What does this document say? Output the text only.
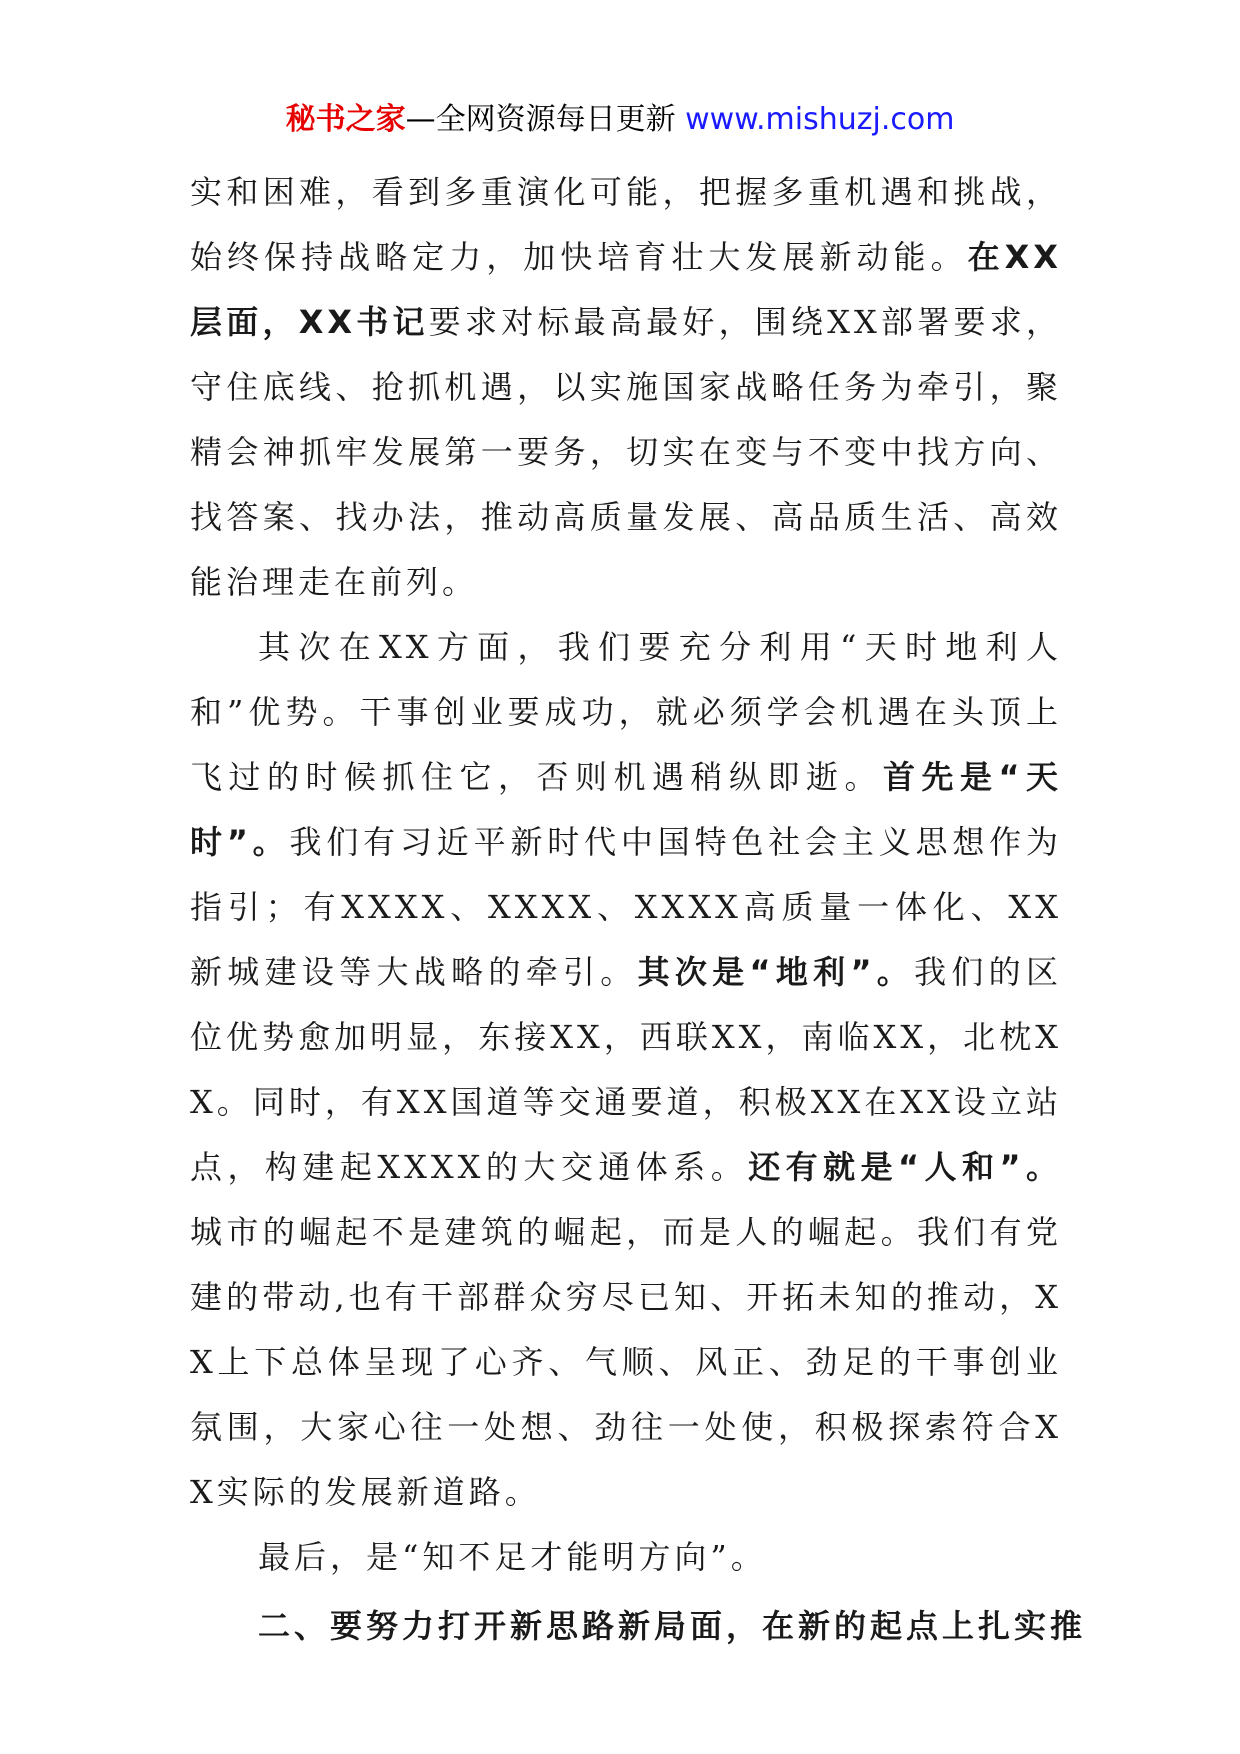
秘书之家—全网资源每日更新 www.mishuzj.com

实和困难，看到多重演化可能，把握多重机遇和挑战，始终保持战略定力，加快培育壮大发展新动能。在XX层面，XX书记要求对标最高最好，围绕XX部署要求，守住底线、抢抓机遇，以实施国家战略任务为牵引，聚精会神抓牢发展第一要务，切实在变与不变中找方向、找答案、找办法，推动高质量发展、高品质生活、高效能治理走在前列。

其次在XX方面，我们要充分利用“天时地利人和”优势。干事创业要成功，就必须学会机遇在头顶上飞过的时候抓住它，否则机遇稍纵即逝。首先是“天时”。我们有习近平新时代中国特色社会主义思想作为指引；有XXXX、XXXX、XXXX高质量一体化、XX新城建设等大战略的牵引。其次是“地利”。我们的区位优势愈加明显，东接XX，西联XX，南临XX，北枕XX。同时，有XX国道等交通要道，积极XX在XX设立站点，构建起XXXX的大交通体系。还有就是“人和”。城市的崛起不是建筑的崛起，而是人的崛起。我们有党建的带动,也有干部群众穷尽已知、开拓未知的推动，XX上下总体呈现了心齐、气顺、风正、劲足的干事创业氛围，大家心往一处想、劲往一处使，积极探索符合XX实际的发展新道路。

最后，是“知不足才能明方向”。

二、要努力打开新思路新局面，在新的起点上扎实推
